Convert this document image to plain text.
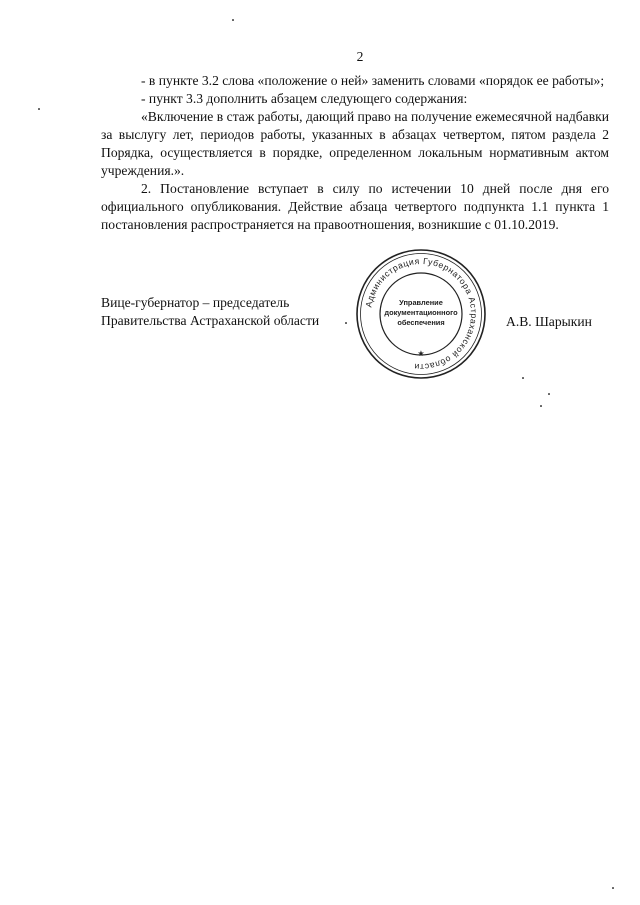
2

- в пункте 3.2 слова «положение о ней» заменить словами «порядок ее работы»;

- пункт 3.3 дополнить абзацем следующего содержания:

«Включение в стаж работы, дающий право на получение ежемесячной надбавки за выслугу лет, периодов работы, указанных в абзацах четвертом, пятом раздела 2 Порядка, осуществляется в порядке, определенном локальным нормативным актом учреждения.».

2. Постановление вступает в силу по истечении 10 дней после дня его официального опубликования. Действие абзаца четвертого подпункта 1.1 пункта 1 постановления распространяется на правоотношения, возникшие с 01.10.2019.

Вице-губернатор – председатель
Правительства Астраханской области	А.В. Шарыкин
Администрация Губернатора Астраханской области
★
Управление
документационного
обеспечения
